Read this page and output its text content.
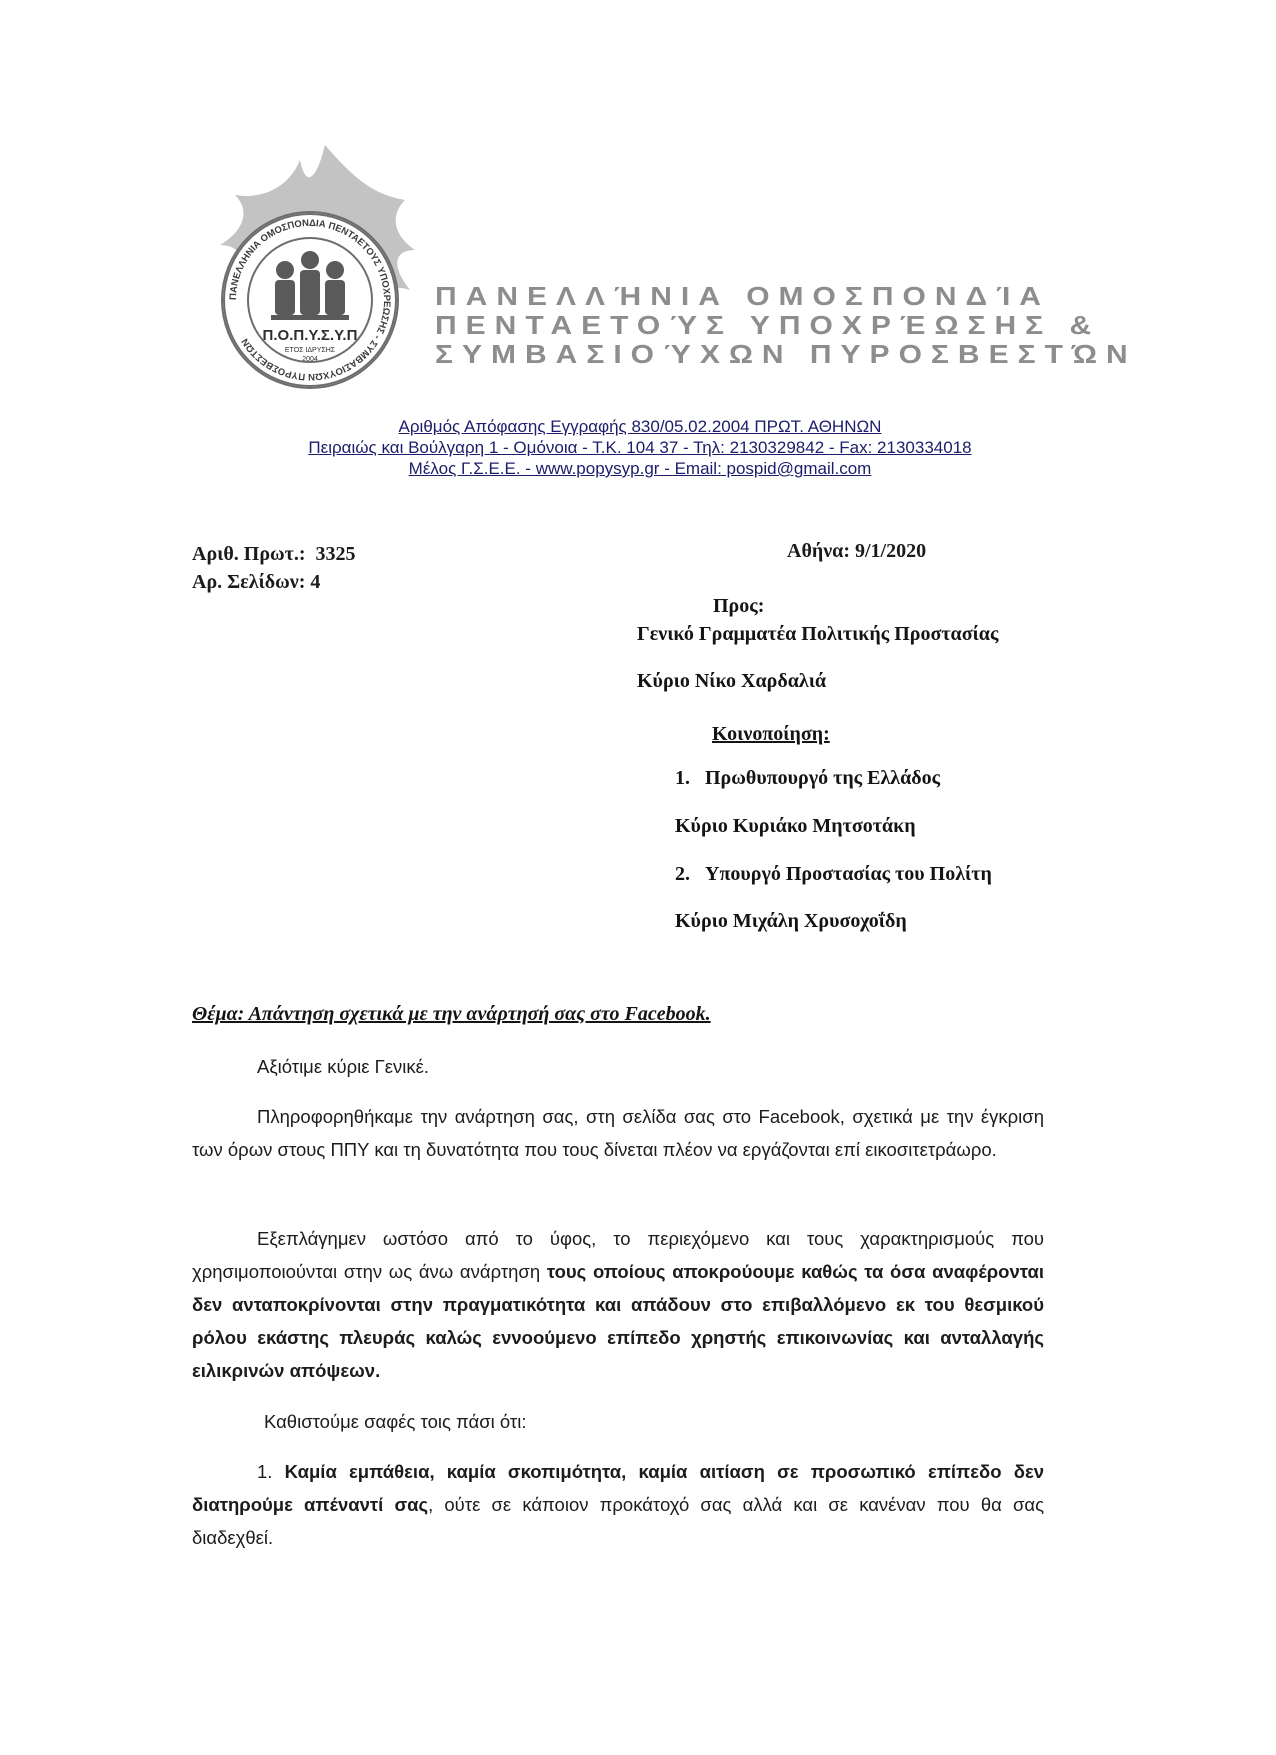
ΠΑΝΕΛΛΗΝΙΑ ΟΜΟΣΠΟΝΔΙΑ ΠΕΝΤΑΕΤΟΥΣ ΥΠΟΧΡΕΩΣΗΣ - ΣΥΜΒΑΣΙΟΥΧΩΝ ΠΥΡΟΣΒΕΣΤΩΝ Π.Ο.Π.Υ.Σ.Υ.Π
ΕΤΟΣ ΙΔΡΥΣΗΣ
2004
ΠΑΝΕΛΛΉΝΙΑ ΟΜΟΣΠΟΝΔΊΑ
ΠΕΝΤΑΕΤΟΎΣ ΥΠΟΧΡΈΩΣΗΣ &
ΣΥΜΒΑΣΙΟΎΧΩΝ ΠΥΡΟΣΒΕΣΤΏΝ
Αριθμός Απόφασης Εγγραφής 830/05.02.2004 ΠΡΩΤ. ΑΘΗΝΩΝ
Πειραιώς και Βούλγαρη 1 - Ομόνοια - Τ.Κ. 104 37 - Τηλ: 2130329842 - Fax: 2130334018
Μέλος Γ.Σ.Ε.Ε. - www.popysyp.gr - Email: pospid@gmail.com
Αριθ. Πρωτ.: 3325
Αρ. Σελίδων: 4
Αθήνα: 9/1/2020
Προς:
Γενικό Γραμματέα Πολιτικής Προστασίας
Κύριο Νίκο Χαρδαλιά
Κοινοποίηση:
1. Πρωθυπουργό της Ελλάδος
Κύριο Κυριάκο Μητσοτάκη
2. Υπουργό Προστασίας του Πολίτη
Κύριο Μιχάλη Χρυσοχοΐδη
Θέμα: Απάντηση σχετικά με την ανάρτησή σας στο Facebook.
Αξιότιμε κύριε Γενικέ.
Πληροφορηθήκαμε την ανάρτηση σας, στη σελίδα σας στο Facebook, σχετικά με την έγκριση των όρων στους ΠΠΥ και τη δυνατότητα που τους δίνεται πλέον να εργάζονται επί εικοσιτετράωρο.
Εξεπλάγημεν ωστόσο από το ύφος, το περιεχόμενο και τους χαρακτηρισμούς που χρησιμοποιούνται στην ως άνω ανάρτηση τους οποίους αποκρούουμε καθώς τα όσα αναφέρονται δεν ανταποκρίνονται στην πραγματικότητα και απάδουν στο επιβαλλόμενο εκ του θεσμικού ρόλου εκάστης πλευράς καλώς εννοούμενο επίπεδο χρηστής επικοινωνίας και ανταλλαγής ειλικρινών απόψεων.
Καθιστούμε σαφές τοις πάσι ότι:
1. Καμία εμπάθεια, καμία σκοπιμότητα, καμία αιτίαση σε προσωπικό επίπεδο δεν διατηρούμε απέναντί σας, ούτε σε κάποιον προκάτοχό σας αλλά και σε κανέναν που θα σας διαδεχθεί.
